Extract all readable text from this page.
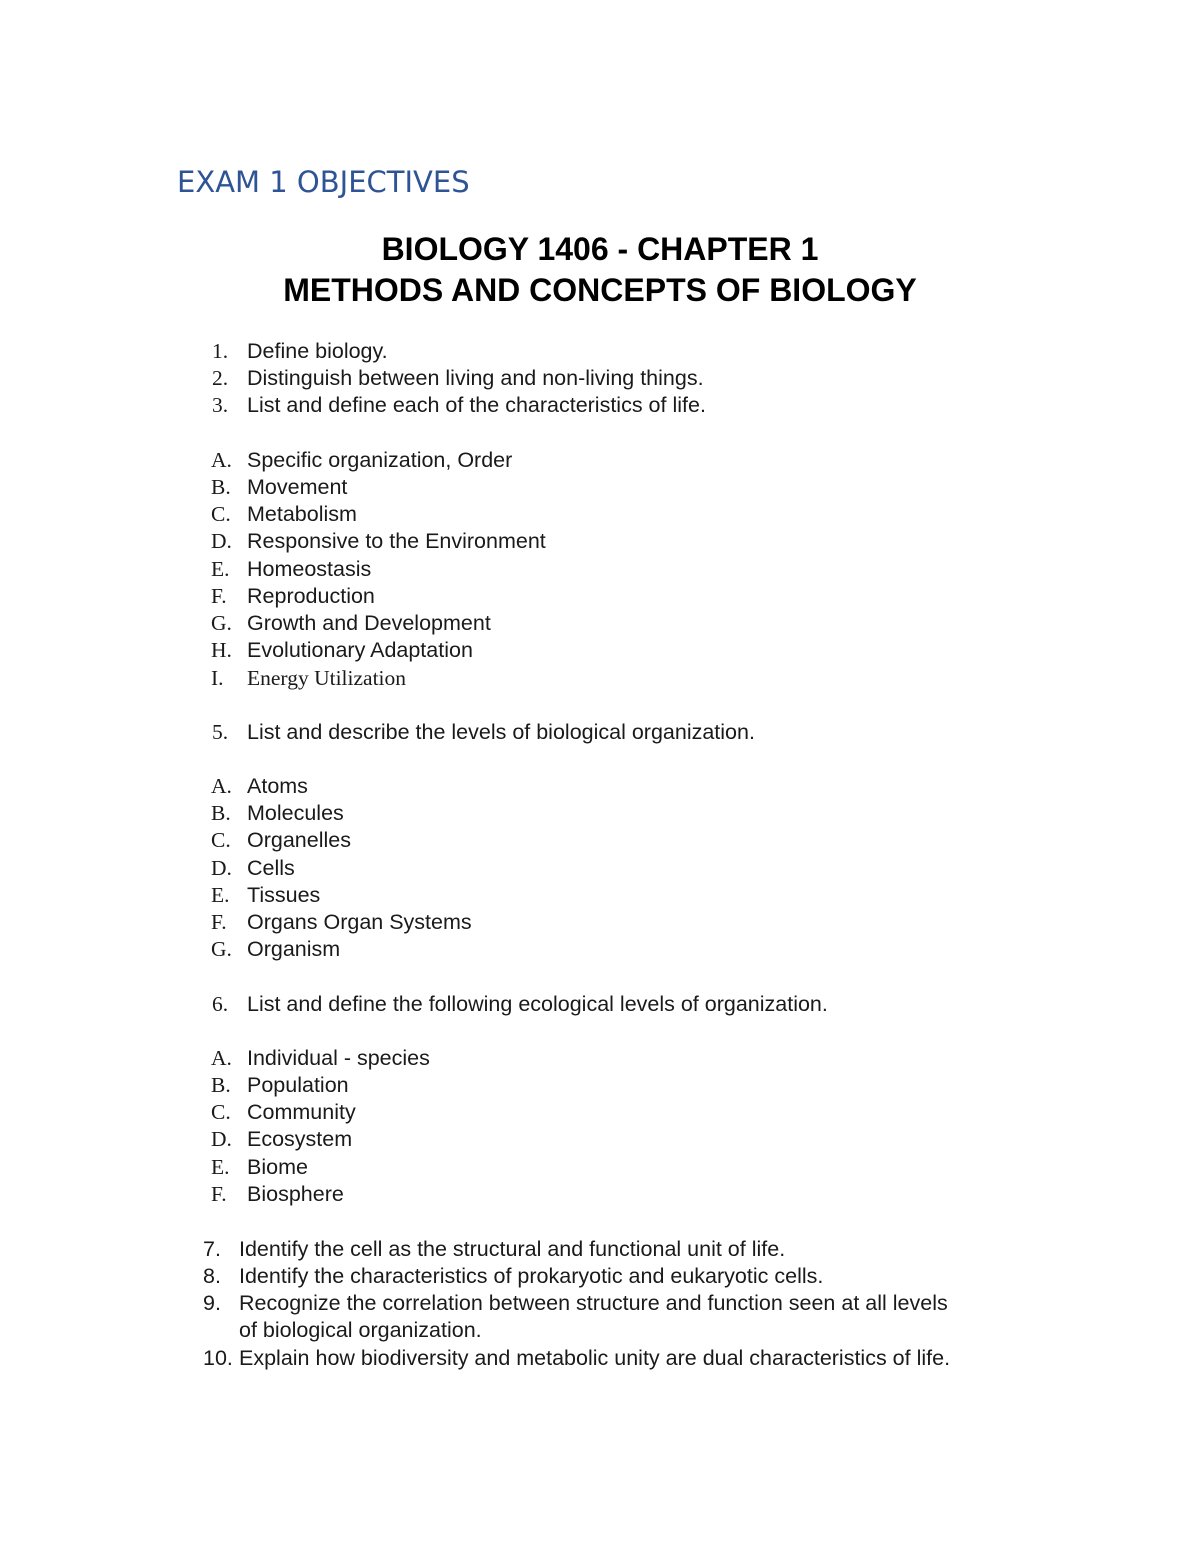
EXAM 1 OBJECTIVES
BIOLOGY 1406 - CHAPTER 1
METHODS AND CONCEPTS OF BIOLOGY
1. Define biology.
2. Distinguish between living and non-living things.
3. List and define each of the characteristics of life.
A. Specific organization, Order
B. Movement
C. Metabolism
D. Responsive to the Environment
E. Homeostasis
F. Reproduction
G. Growth and Development
H. Evolutionary Adaptation
I. Energy Utilization
5. List and describe the levels of biological organization.
A. Atoms
B. Molecules
C. Organelles
D. Cells
E. Tissues
F. Organs Organ Systems
G. Organism
6. List and define the following ecological levels of organization.
A. Individual - species
B. Population
C. Community
D. Ecosystem
E. Biome
F. Biosphere
7. Identify the cell as the structural and functional unit of life.
8. Identify the characteristics of prokaryotic and eukaryotic cells.
9. Recognize the correlation between structure and function seen at all levels
of biological organization.
10. Explain how biodiversity and metabolic unity are dual characteristics of life.
